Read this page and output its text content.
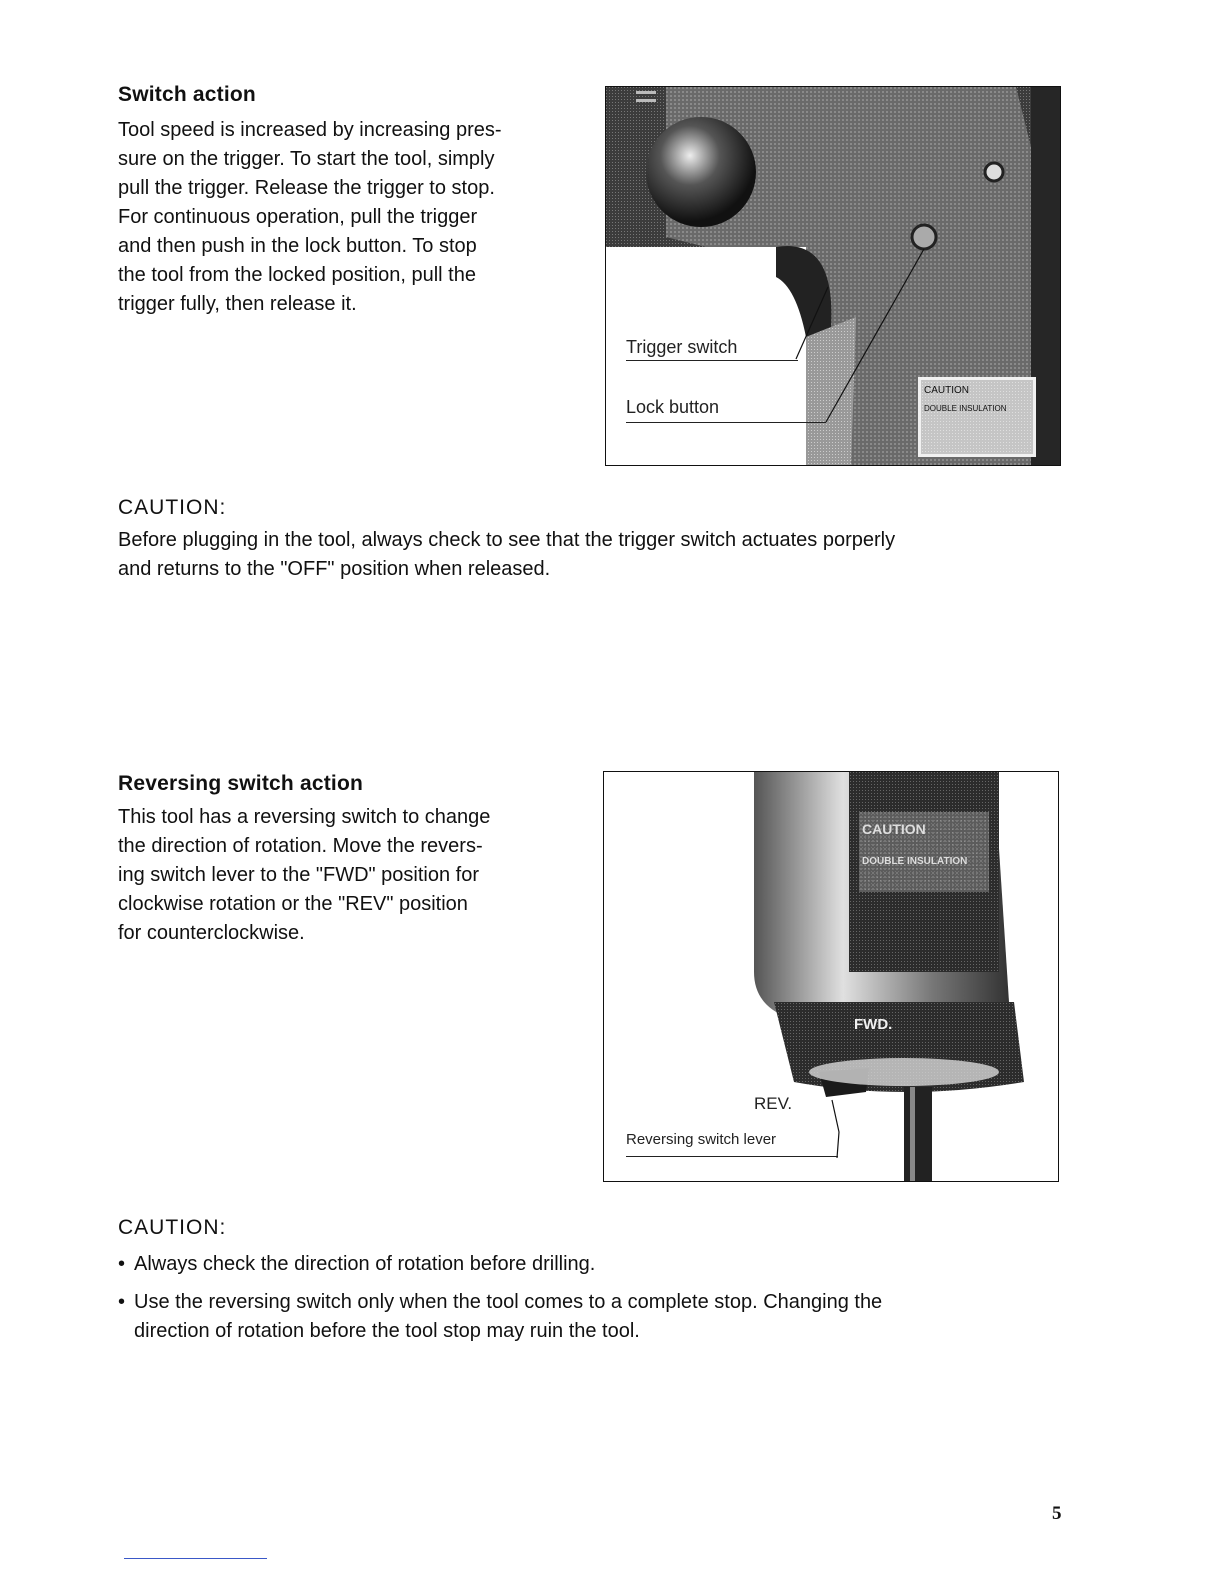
Switch action
Tool speed is increased by increasing pres-
sure on the trigger. To start the tool, simply
pull the trigger. Release the trigger to stop.
For continuous operation, pull the trigger
and then push in the lock button. To stop
the tool from the locked position, pull the
trigger fully, then release it.
CAUTION
DOUBLE INSULATION
Trigger switch
Lock button
CAUTION:
Before plugging in the tool, always check to see that the trigger switch actuates porperly
and returns to the "OFF" position when released.
Reversing switch action
This tool has a reversing switch to change
the direction of rotation. Move the revers-
ing switch lever to the "FWD" position for
clockwise rotation or the "REV" position
for counterclockwise.
CAUTION
DOUBLE INSULATION
FWD.
REV.
Reversing switch lever
CAUTION:
• Always check the direction of rotation before drilling.
• Use the reversing switch only when the tool comes to a complete stop. Changing the
direction of rotation before the tool stop may ruin the tool.
5
